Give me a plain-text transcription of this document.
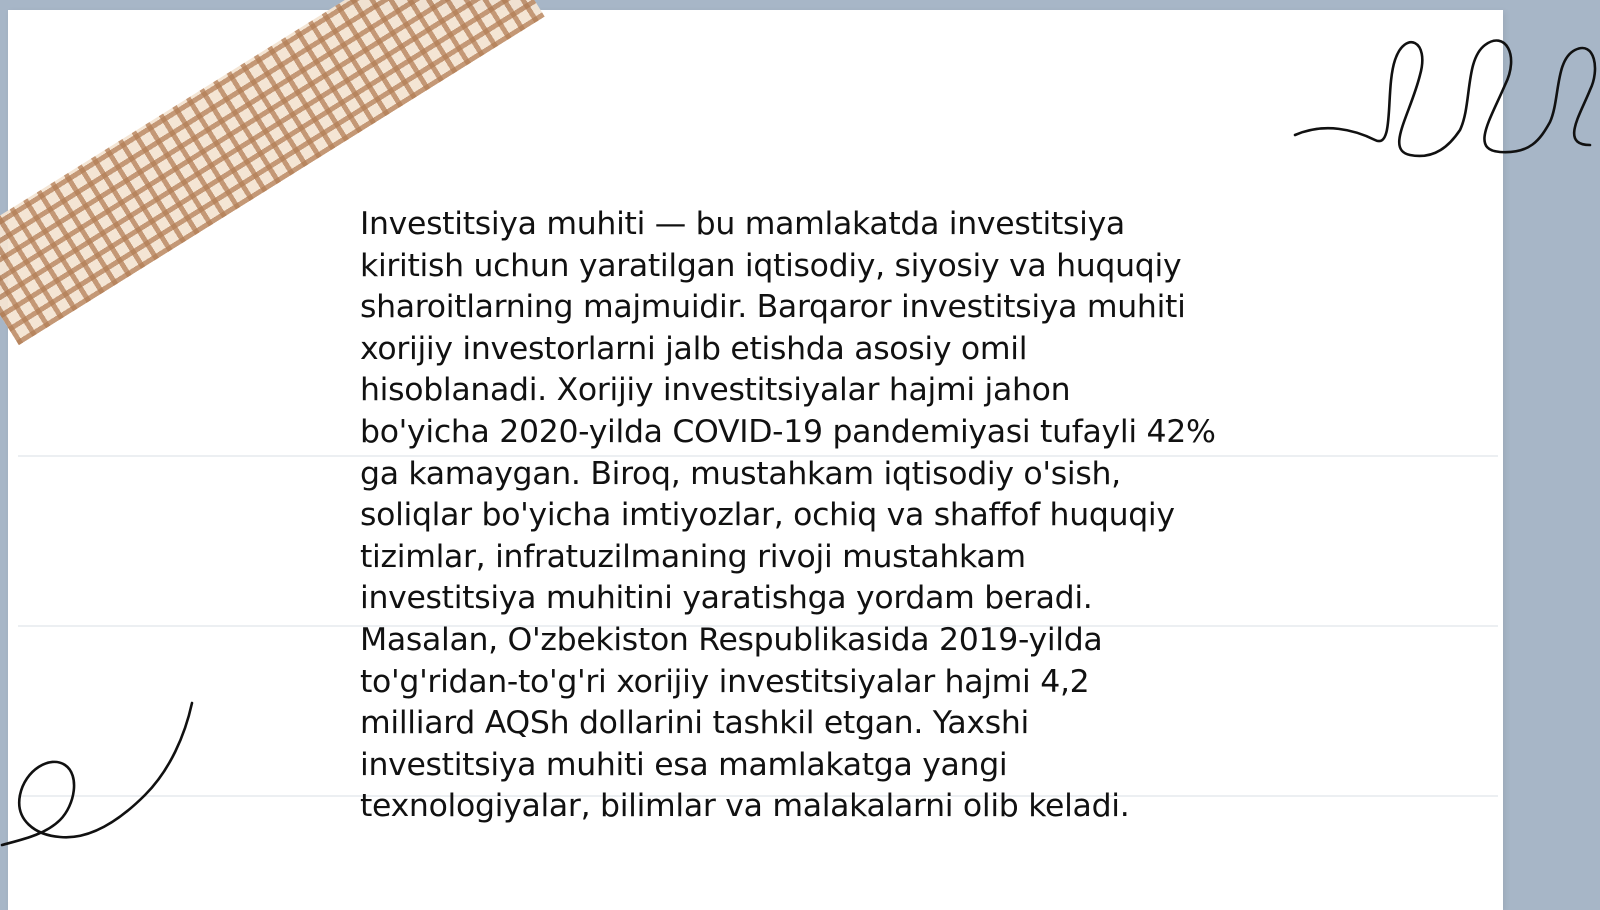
Investitsiya muhiti — bu mamlakatda investitsiya
kiritish uchun yaratilgan iqtisodiy, siyosiy va huquqiy
sharoitlarning majmuidir. Barqaror investitsiya muhiti
xorijiy investorlarni jalb etishda asosiy omil
hisoblanadi. Xorijiy investitsiyalar hajmi jahon
bo'yicha 2020-yilda COVID-19 pandemiyasi tufayli 42%
ga kamaygan. Biroq, mustahkam iqtisodiy o'sish,
soliqlar bo'yicha imtiyozlar, ochiq va shaffof huquqiy
tizimlar, infratuzilmaning rivoji mustahkam
investitsiya muhitini yaratishga yordam beradi.
Masalan, O'zbekiston Respublikasida 2019-yilda
to'g'ridan-to'g'ri xorijiy investitsiyalar hajmi 4,2
milliard AQSh dollarini tashkil etgan. Yaxshi
investitsiya muhiti esa mamlakatga yangi
texnologiyalar, bilimlar va malakalarni olib keladi.
